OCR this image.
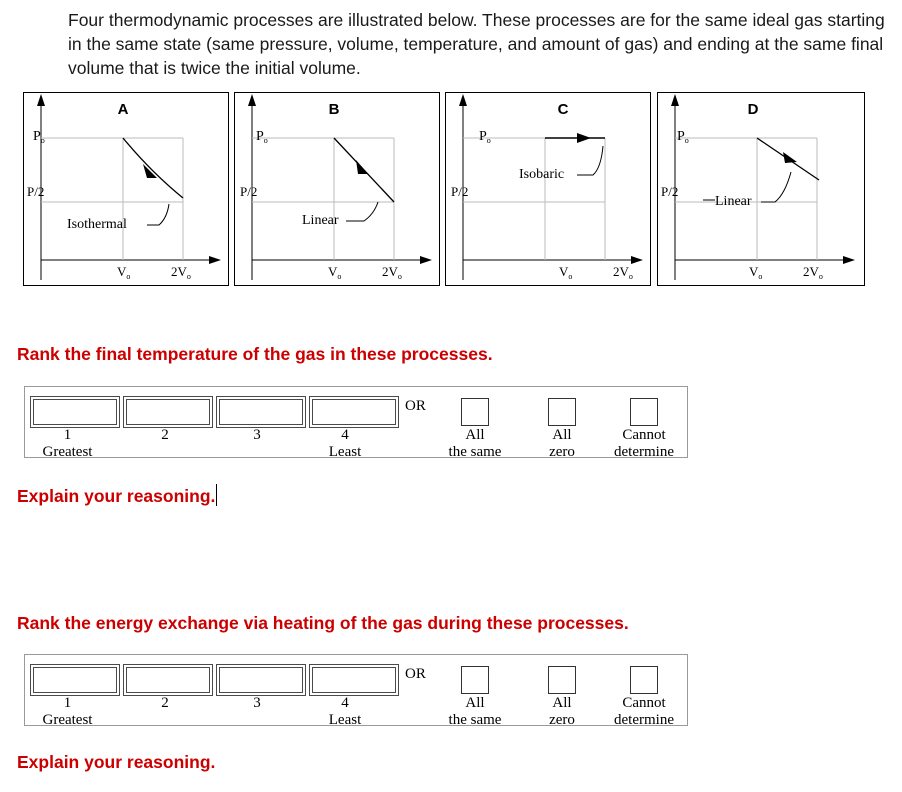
Four thermodynamic processes are illustrated below. These processes are for the same ideal gas starting in the same state (same pressure, volume, temperature, and amount of gas) and ending at the same final volume that is twice the initial volume.
A
$P_o$
P/2
$V_o$	$2V_o$
Isothermal
B
$P_o$
P/2
$V_o$	$2V_o$
Linear
C
$P_o$
P/2
$V_o$	$2V_o$
Isobaric
D
$P_o$
P/2
$V_o$	$2V_o$
Linear
Rank the final temperature of the gas in these processes.
OR
1
Greatest
2	3	4
Least
All
the same
All
zero
Cannot
determine
Explain your reasoning.
Rank the energy exchange via heating of the gas during these processes.
OR
1
Greatest
2	3	4
Least
All
the same
All
zero
Cannot
determine
Explain your reasoning.
